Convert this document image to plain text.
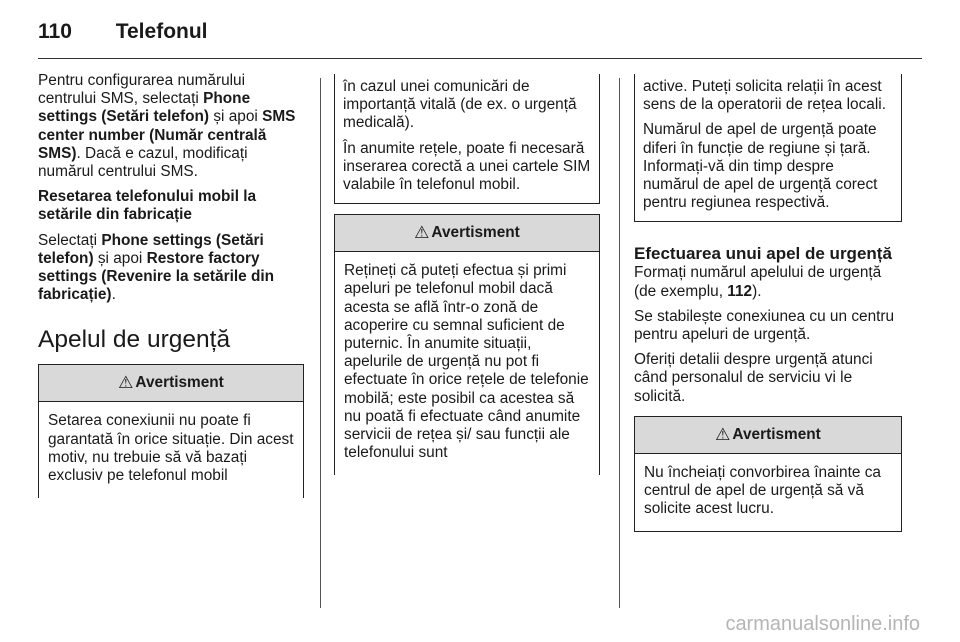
110 Telefonul

Pentru configurarea numărului centrului SMS, selectați Phone settings (Setări telefon) și apoi SMS center number (Număr centrală SMS). Dacă e cazul, modificați numărul centrului SMS.

Resetarea telefonului mobil la setările din fabricație

Selectați Phone settings (Setări telefon) și apoi Restore factory settings (Revenire la setările din fabricație).

Apelul de urgență
⚠ Avertisment

Setarea conexiunii nu poate fi garantată în orice situație. Din acest motiv, nu trebuie să vă bazați exclusiv pe telefonul mobil

în cazul unei comunicări de importanță vitală (de ex. o urgență medicală).

În anumite rețele, poate fi necesară inserarea corectă a unei cartele SIM valabile în telefonul mobil.

⚠ Avertisment

Rețineți că puteți efectua și primi apeluri pe telefonul mobil dacă acesta se află într-o zonă de acoperire cu semnal suficient de puternic. În anumite situații, apelurile de urgență nu pot fi efectuate în orice rețele de telefonie mobilă; este posibil ca acestea să nu poată fi efectuate când anumite servicii de rețea și/ sau funcții ale telefonului sunt

active. Puteți solicita relații în acest sens de la operatorii de rețea locali.

Numărul de apel de urgență poate diferi în funcție de regiune și țară. Informați-vă din timp despre numărul de apel de urgență corect pentru regiunea respectivă.

Efectuarea unui apel de urgență

Formați numărul apelului de urgență (de exemplu, 112).

Se stabilește conexiunea cu un centru pentru apeluri de urgență.

Oferiți detalii despre urgență atunci când personalul de serviciu vi le solicită.

⚠ Avertisment

Nu încheiați convorbirea înainte ca centrul de apel de urgență să vă solicite acest lucru.

carmanualsonline.info
